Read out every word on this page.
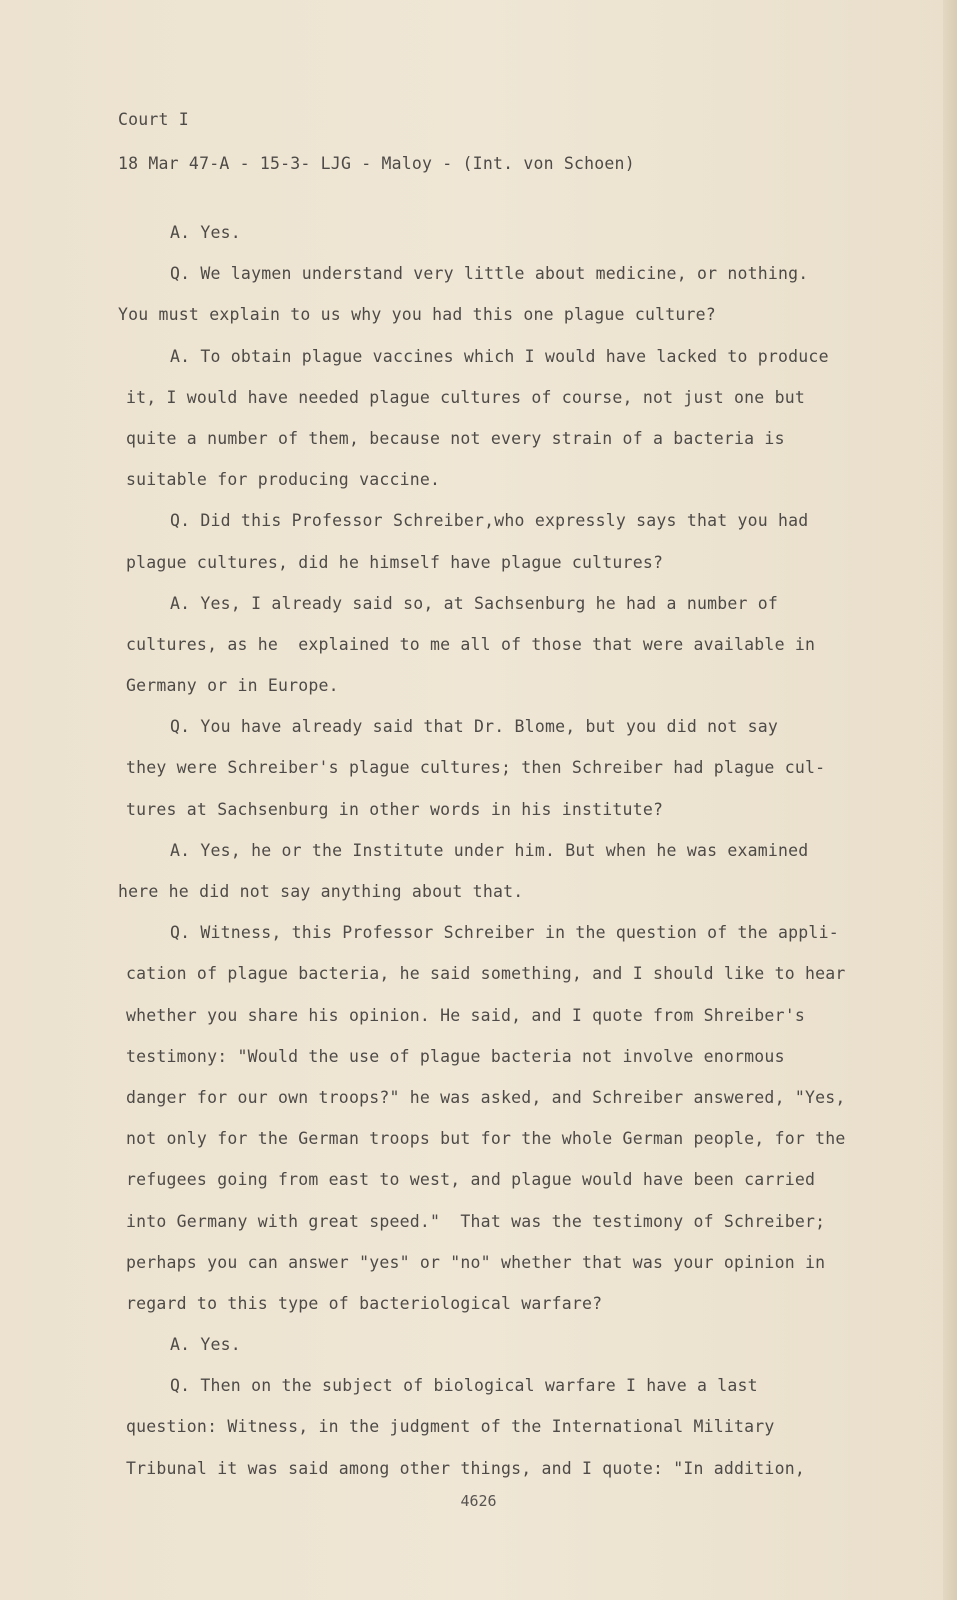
Court I
18 Mar 47-A - 15-3- LJG - Maloy - (Int. von Schoen)
A. Yes.
Q. We laymen understand very little about medicine, or nothing.
You must explain to us why you had this one plague culture?
A. To obtain plague vaccines which I would have lacked to produce
it, I would have needed plague cultures of course, not just one but
quite a number of them, because not every strain of a bacteria is
suitable for producing vaccine.
Q. Did this Professor Schreiber,who expressly says that you had
plague cultures, did he himself have plague cultures?
A. Yes, I already said so, at Sachsenburg he had a number of
cultures, as he  explained to me all of those that were available in
Germany or in Europe.
Q. You have already said that Dr. Blome, but you did not say
they were Schreiber's plague cultures; then Schreiber had plague cul-
tures at Sachsenburg in other words in his institute?
A. Yes, he or the Institute under him. But when he was examined
here he did not say anything about that.
Q. Witness, this Professor Schreiber in the question of the appli-
cation of plague bacteria, he said something, and I should like to hear
whether you share his opinion. He said, and I quote from Shreiber's
testimony: "Would the use of plague bacteria not involve enormous
danger for our own troops?" he was asked, and Schreiber answered, "Yes,
not only for the German troops but for the whole German people, for the
refugees going from east to west, and plague would have been carried
into Germany with great speed."  That was the testimony of Schreiber;
perhaps you can answer "yes" or "no" whether that was your opinion in
regard to this type of bacteriological warfare?
A. Yes.
Q. Then on the subject of biological warfare I have a last
question: Witness, in the judgment of the International Military
Tribunal it was said among other things, and I quote: "In addition,
4626
